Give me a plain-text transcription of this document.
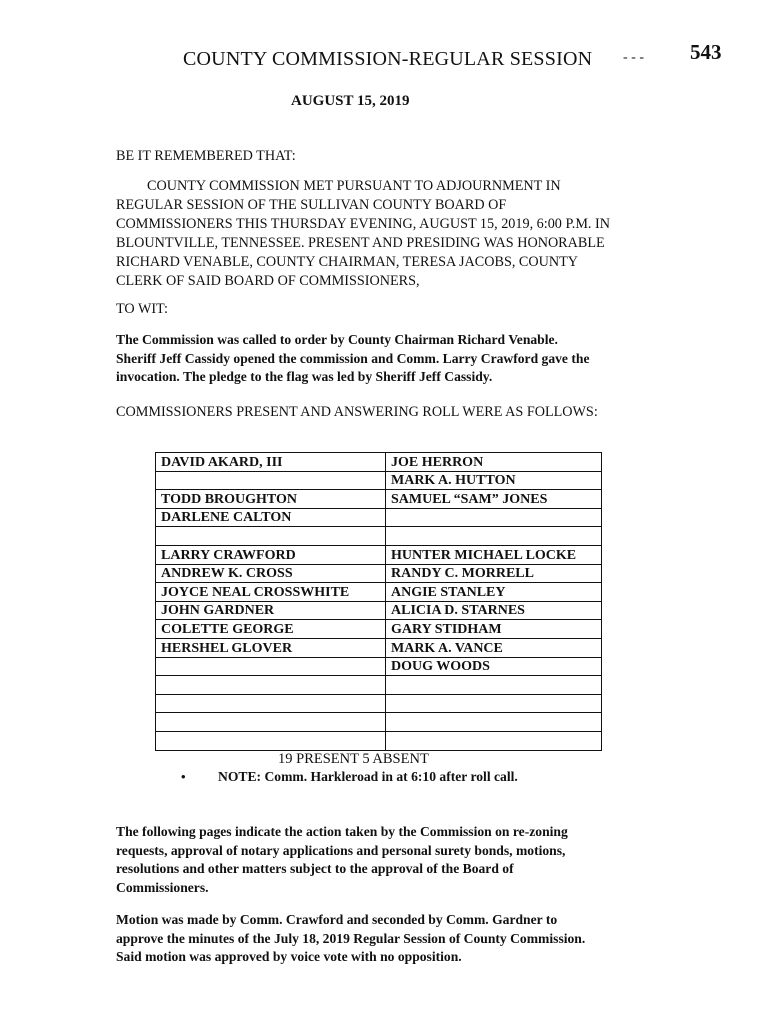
COUNTY COMMISSION-REGULAR SESSION - - - 543
AUGUST 15, 2019
BE IT REMEMBERED THAT:
COUNTY COMMISSION MET PURSUANT TO ADJOURNMENT IN
REGULAR SESSION OF THE SULLIVAN COUNTY BOARD OF
COMMISSIONERS THIS THURSDAY EVENING, AUGUST 15, 2019, 6:00 P.M. IN
BLOUNTVILLE, TENNESSEE. PRESENT AND PRESIDING WAS HONORABLE
RICHARD VENABLE, COUNTY CHAIRMAN, TERESA JACOBS, COUNTY
CLERK OF SAID BOARD OF COMMISSIONERS,
TO WIT:
The Commission was called to order by County Chairman Richard Venable.
Sheriff Jeff Cassidy opened the commission and Comm. Larry Crawford gave the
invocation. The pledge to the flag was led by Sheriff Jeff Cassidy.
COMMISSIONERS PRESENT AND ANSWERING ROLL WERE AS FOLLOWS:
DAVID AKARD, III	JOE HERRON
	MARK A. HUTTON
TODD BROUGHTON	SAMUEL “SAM” JONES
DARLENE CALTON	

LARRY CRAWFORD	HUNTER MICHAEL LOCKE
ANDREW K. CROSS	RANDY C. MORRELL
JOYCE NEAL CROSSWHITE	ANGIE STANLEY
JOHN GARDNER	ALICIA D. STARNES
COLETTE GEORGE	GARY STIDHAM
HERSHEL GLOVER	MARK A. VANCE
	DOUG WOODS

19 PRESENT 5 ABSENT
• NOTE: Comm. Harkleroad in at 6:10 after roll call.
The following pages indicate the action taken by the Commission on re-zoning
requests, approval of notary applications and personal surety bonds, motions,
resolutions and other matters subject to the approval of the Board of
Commissioners.
Motion was made by Comm. Crawford and seconded by Comm. Gardner to
approve the minutes of the July 18, 2019 Regular Session of County Commission.
Said motion was approved by voice vote with no opposition.
